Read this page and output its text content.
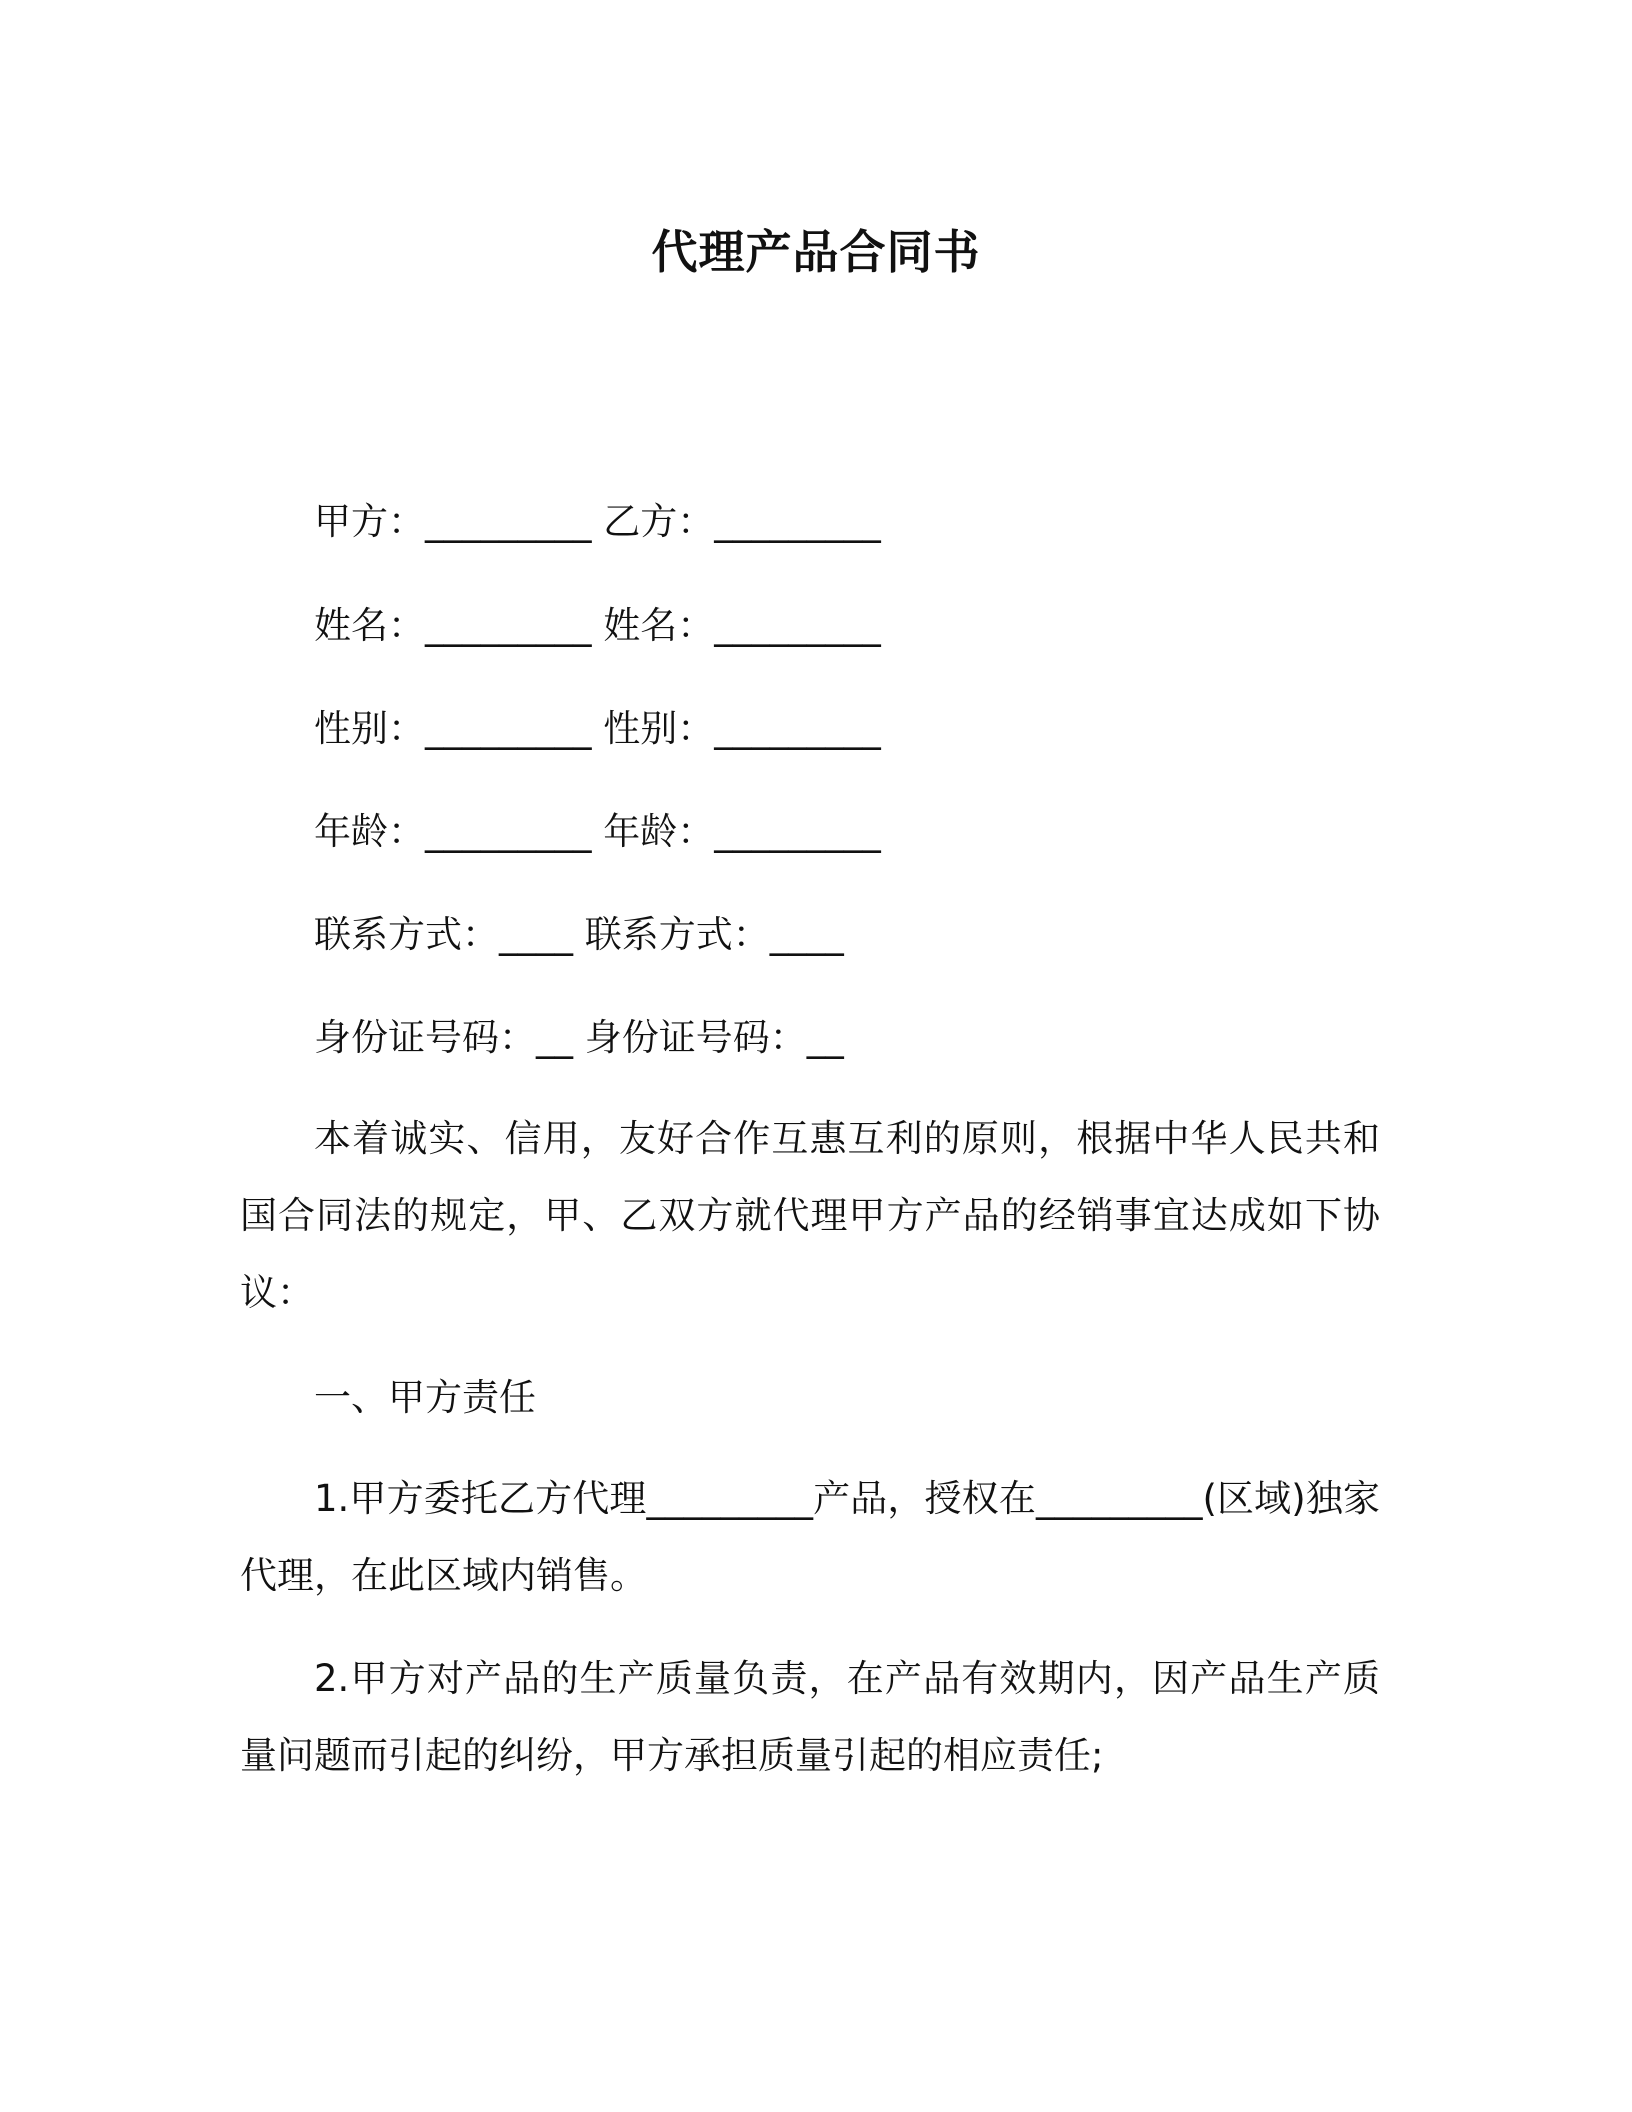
代理产品合同书
甲方：_________ 乙方：_________
姓名：_________ 姓名：_________
性别：_________ 性别：_________
年龄：_________ 年龄：_________
联系方式：____ 联系方式：____
身份证号码：__ 身份证号码：__
本着诚实、信用，友好合作互惠互利的原则，根据中华人民共和国合同法的规定，甲、乙双方就代理甲方产品的经销事宜达成如下协议：
一、甲方责任
1.甲方委托乙方代理_________产品，授权在_________(区域)独家代理，在此区域内销售。
2.甲方对产品的生产质量负责，在产品有效期内，因产品生产质量问题而引起的纠纷，甲方承担质量引起的相应责任;
